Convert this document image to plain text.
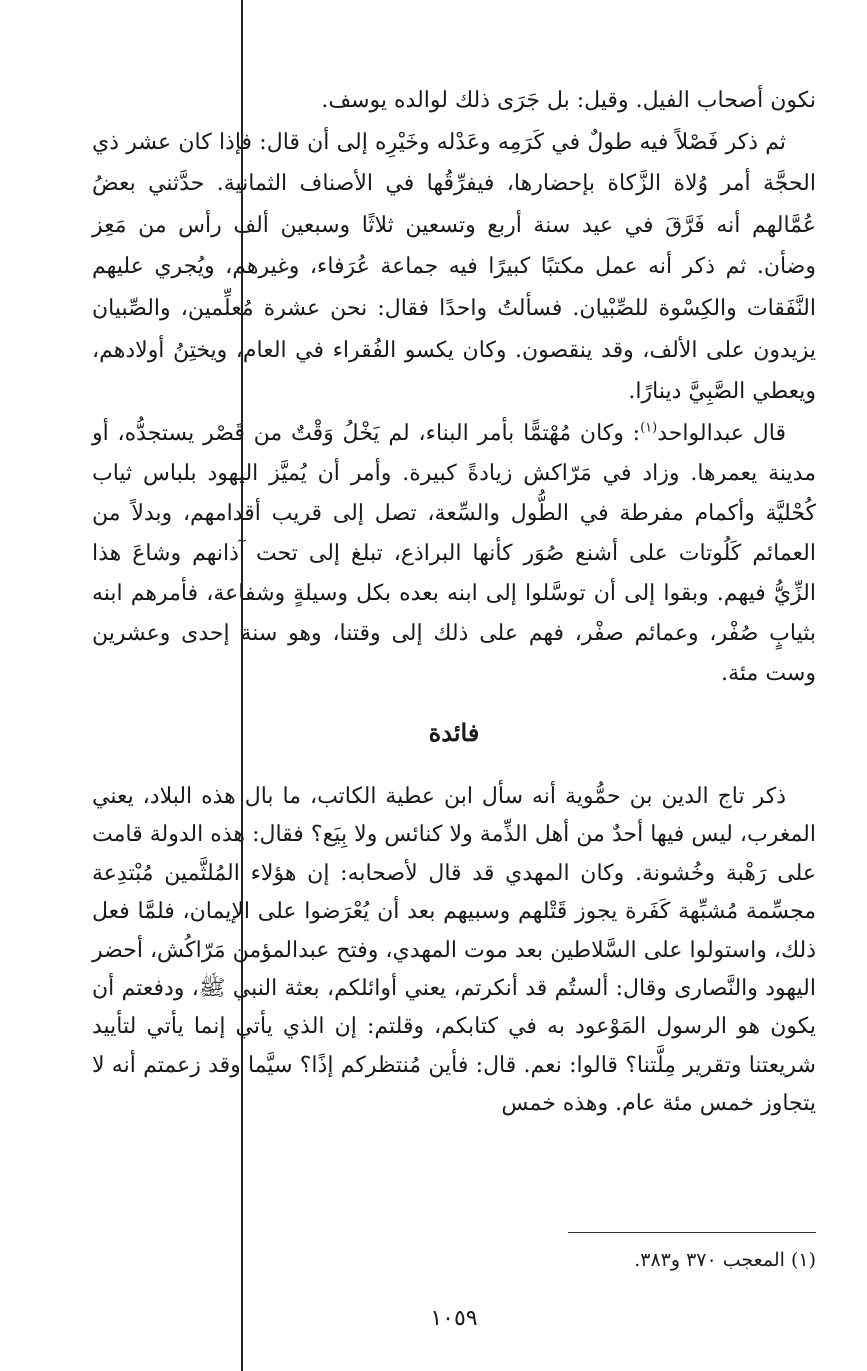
نكون أصحاب الفيل. وقيل: بل جَرَى ذلك لوالده يوسف.

ثم ذكر فَصْلاً فيه طولٌ في كَرَمِه وعَدْله وخَيْرِه إلى أن قال: فإذا كان عشر ذي الحجَّة أمر وُلاة الزَّكاة بإحضارها، فيفرِّقُها في الأصناف الثمانية. حدَّثني بعضُ عُمَّالهم أنه فَرَّقَ في عيد سنة أربع وتسعين ثلاثًا وسبعين ألف رأس من مَعِز وضأن. ثم ذكر أنه عمل مكتبًا كبيرًا فيه جماعة عُرَفاء، وغيرهم، ويُجري عليهم النَّفَقات والكِسْوة للصِّبْيان. فسألتُ واحدًا فقال: نحن عشرة مُعلِّمين، والصِّبيان يزيدون على الألف، وقد ينقصون. وكان يكسو الفُقراء في العام، ويختِنُ أولادهم، ويعطي الصَّبِيَّ دينارًا.

قال عبدالواحد$^{(١)}$: وكان مُهْتمًّا بأمر البناء، لم يَخْلُ وَقْتٌ من قَصْر يستجدُّه، أو مدينة يعمرها. وزاد في مَرّاكش زيادةً كبيرة. وأمر أن يُميَّز اليهود بلباس ثياب كُحْليَّة وأكمام مفرطة في الطُّول والسِّعة، تصل إلى قريب أقدامهم، وبدلاً من العمائم كَلُوتات على أشنع صُوَر كأنها البراذع، تبلغ إلى تحت آذانهم وشاعَ هذا الزِّيُّ فيهم. وبقوا إلى أن توسَّلوا إلى ابنه بعده بكل وسيلةٍ وشفاعة، فأمرهم ابنه بثيابٍ صُفْر، وعمائم صفْر، فهم على ذلك إلى وقتنا، وهو سنة إحدى وعشرين وست مئة.

فائدة

ذكر تاج الدين بن حمُّوية أنه سأل ابن عطية الكاتب، ما بال هذه البلاد، يعني المغرب، ليس فيها أحدٌ من أهل الذِّمة ولا كنائس ولا بِيَع؟ فقال: هذه الدولة قامت على رَهْبة وخُشونة. وكان المهدي قد قال لأصحابه: إن هؤلاء المُلثَّمين مُبْتدِعة مجسِّمة مُشبِّهة كَفَرة يجوز قَتْلهم وسبيهم بعد أن يُعْرَضوا على الإيمان، فلمَّا فعل ذلك، واستولوا على السَّلاطين بعد موت المهدي، وفتح عبدالمؤمن مَرّاكُش، أحضر اليهود والنَّصارى وقال: ألستُم قد أنكرتم، يعني أوائلكم، بعثة النبي ﷺ، ودفعتم أن يكون هو الرسول المَوْعود به في كتابكم، وقلتم: إن الذي يأتي إنما يأتي لتأييد شريعتنا وتقرير مِلَّتنا؟ قالوا: نعم. قال: فأين مُنتظركم إذًا؟ سيَّما وقد زعمتم أنه لا يتجاوز خمس مئة عام. وهذه خمس

(١) المعجب ٣٧٠ و٣٨٣.
١٠٥٩
